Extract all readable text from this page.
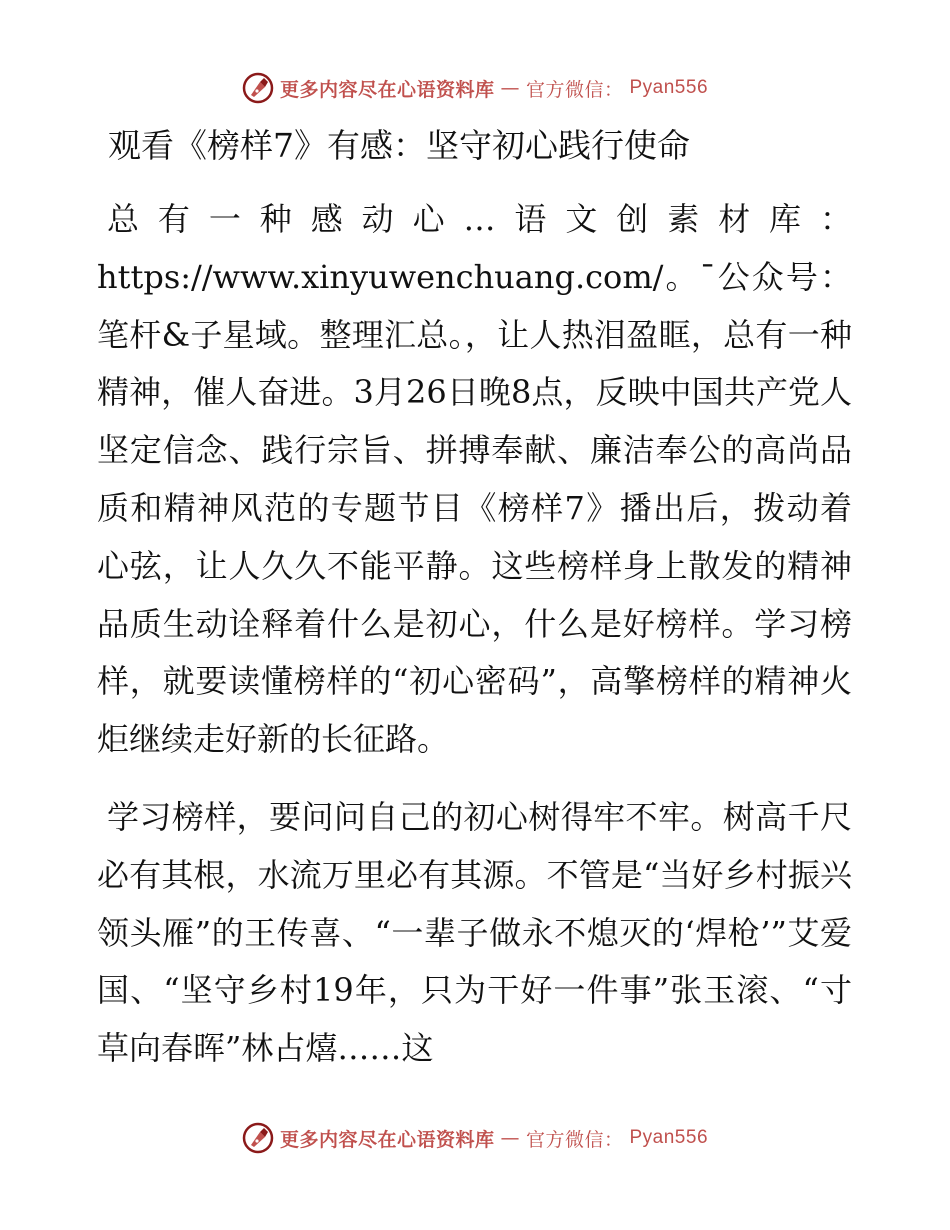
更多内容尽在心语资料库 — 官方微信： Pyan556
观看《榜样7》有感：坚守初心践行使命

总有一种感动心…语文创素材库：https://www.xinyuwenchuang.com/。¯公众号：笔杆&子星域。整理汇总。，让人热泪盈眶，总有一种精神，催人奋进。3月26日晚8点，反映中国共产党人坚定信念、践行宗旨、拼搏奉献、廉洁奉公的高尚品质和精神风范的专题节目《榜样7》播出后，拨动着心弦，让人久久不能平静。这些榜样身上散发的精神品质生动诠释着什么是初心，什么是好榜样。学习榜样，就要读懂榜样的“初心密码”，高擎榜样的精神火炬继续走好新的长征路。

学习榜样，要问问自己的初心树得牢不牢。树高千尺必有其根，水流万里必有其源。不管是“当好乡村振兴领头雁”的王传喜、“一辈子做永不熄灭的‘焊枪’”艾爱国、“坚守乡村19年，只为干好一件事”张玉滚、“寸草向春晖”林占熺……这

更多内容尽在心语资料库 — 官方微信： Pyan556
